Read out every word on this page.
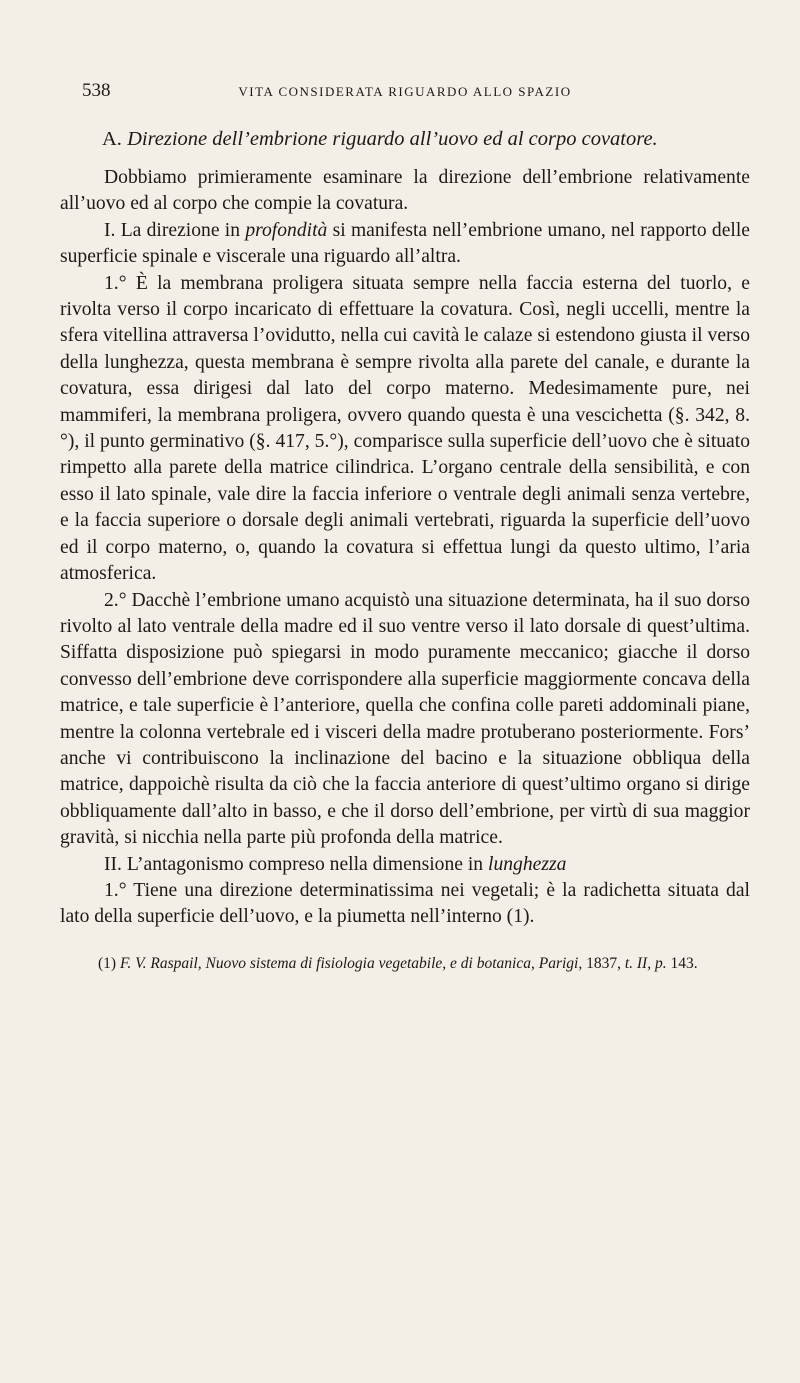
538	VITA CONSIDERATA RIGUARDO ALLO SPAZIO
A. Direzione dell’embrione riguardo all’uovo ed al corpo covatore.

Dobbiamo primieramente esaminare la direzione dell’embrione relativamente all’uovo ed al corpo che compie la covatura.

I. La direzione in profondità si manifesta nell’embrione umano, nel rapporto delle superficie spinale e viscerale una riguardo all’altra.

1.° È la membrana proligera situata sempre nella faccia esterna del tuorlo, e rivolta verso il corpo incaricato di effettuare la covatura. Così, negli uccelli, mentre la sfera vitellina attraversa l’ovidutto, nella cui cavità le calaze si estendono giusta il verso della lunghezza, questa membrana è sempre rivolta alla parete del canale, e durante la covatura, essa dirigesi dal lato del corpo materno. Medesimamente pure, nei mammiferi, la membrana proligera, ovvero quando questa è una vescichetta (§. 342, 8.°), il punto germinativo (§. 417, 5.°), comparisce sulla superficie dell’uovo che è situato rimpetto alla parete della matrice cilindrica. L’organo centrale della sensibilità, e con esso il lato spinale, vale dire la faccia inferiore o ventrale degli animali senza vertebre, e la faccia superiore o dorsale degli animali vertebrati, riguarda la superficie dell’uovo ed il corpo materno, o, quando la covatura si effettua lungi da questo ultimo, l’aria atmosferica.

2.° Dacchè l’embrione umano acquistò una situazione determinata, ha il suo dorso rivolto al lato ventrale della madre ed il suo ventre verso il lato dorsale di quest’ultima. Siffatta disposizione può spiegarsi in modo puramente meccanico; giacche il dorso convesso dell’embrione deve corrispondere alla superficie maggiormente concava della matrice, e tale superficie è l’anteriore, quella che confina colle pareti addominali piane, mentre la colonna vertebrale ed i visceri della madre protuberano posteriormente. Fors’ anche vi contribuiscono la inclinazione del bacino e la situazione obbliqua della matrice, dappoichè risulta da ciò che la faccia anteriore di quest’ultimo organo si dirige obbliquamente dall’alto in basso, e che il dorso dell’embrione, per virtù di sua maggior gravità, si nicchia nella parte più profonda della matrice.

II. L’antagonismo compreso nella dimensione in lunghezza

1.° Tiene una direzione determinatissima nei vegetali; è la radichetta situata dal lato della superficie dell’uovo, e la piumetta nell’interno (1).

(1) F. V. Raspail, Nuovo sistema di fisiologia vegetabile, e di botanica, Parigi, 1837, t. II, p. 143.
